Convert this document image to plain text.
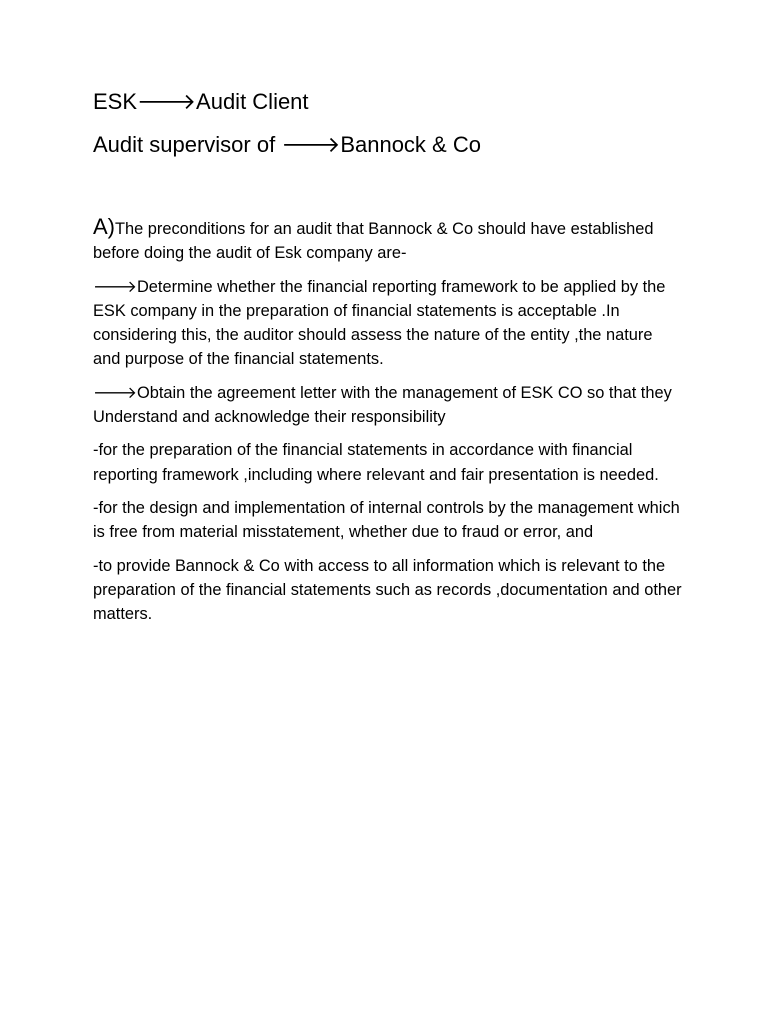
ESK🡒Audit Client

Audit supervisor of 🡒Bannock & Co

A)The preconditions for an audit that Bannock & Co should have established before doing the audit of Esk company are-

🡒Determine whether the financial reporting framework to be applied by the ESK company in the preparation of financial statements is acceptable .In considering this, the auditor should assess the nature of the entity ,the nature and purpose of the financial statements.

🡒Obtain the agreement letter with the management of ESK CO so that they Understand and acknowledge their responsibility

-for the preparation of the financial statements in accordance with financial reporting framework ,including where relevant and fair presentation is needed.

-for the design and implementation of internal controls by the management which is free from material misstatement, whether due to fraud or error, and

-to provide Bannock & Co with access to all information which is relevant to the preparation of the financial statements such as records ,documentation and other matters.
